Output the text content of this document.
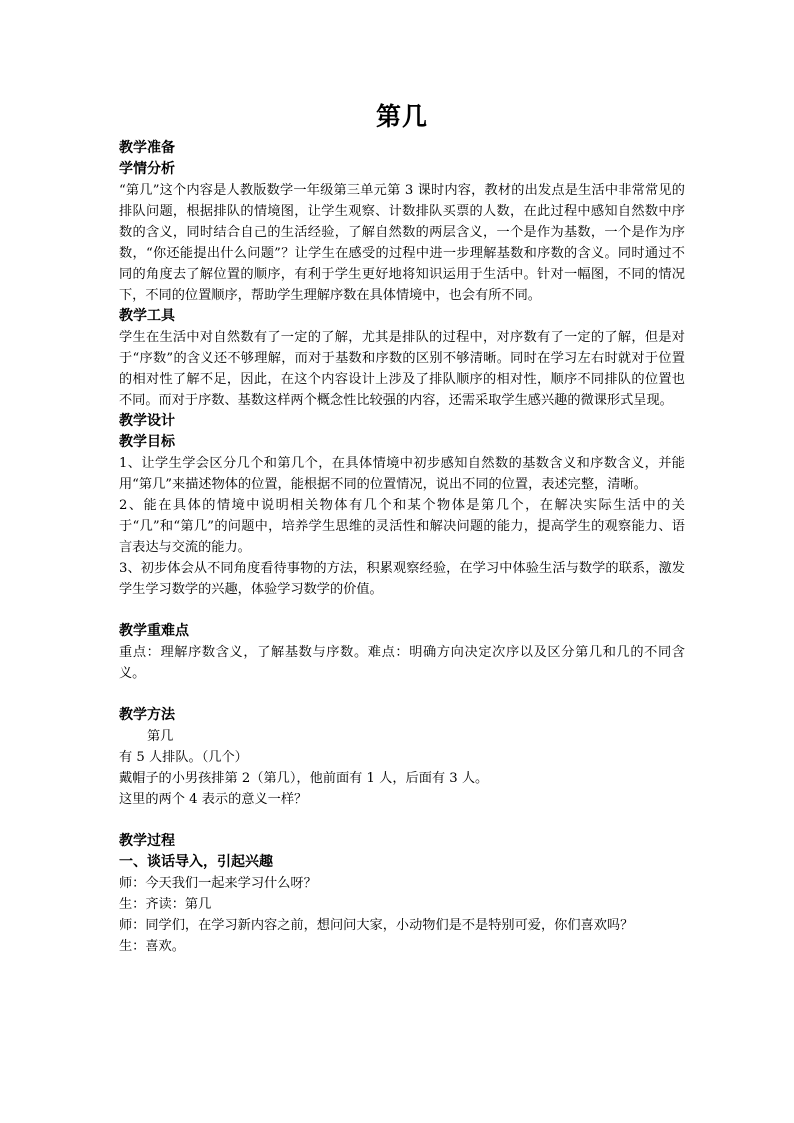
第几
教学准备
学情分析
“第几”这个内容是人教版数学一年级第三单元第 3 课时内容，教材的出发点是生活中非常常见的排队问题，根据排队的情境图，让学生观察、计数排队买票的人数，在此过程中感知自然数中序数的含义，同时结合自己的生活经验，了解自然数的两层含义，一个是作为基数，一个是作为序数，“你还能提出什么问题”？让学生在感受的过程中进一步理解基数和序数的含义。同时通过不同的角度去了解位置的顺序，有利于学生更好地将知识运用于生活中。针对一幅图，不同的情况下，不同的位置顺序，帮助学生理解序数在具体情境中，也会有所不同。
教学工具
学生在生活中对自然数有了一定的了解，尤其是排队的过程中，对序数有了一定的了解，但是对于“序数”的含义还不够理解，而对于基数和序数的区别不够清晰。同时在学习左右时就对于位置的相对性了解不足，因此，在这个内容设计上涉及了排队顺序的相对性，顺序不同排队的位置也不同。而对于序数、基数这样两个概念性比较强的内容，还需采取学生感兴趣的微课形式呈现。
教学设计
教学目标
1、让学生学会区分几个和第几个，在具体情境中初步感知自然数的基数含义和序数含义，并能用“第几”来描述物体的位置，能根据不同的位置情况，说出不同的位置，表述完整，清晰。
2、能在具体的情境中说明相关物体有几个和某个物体是第几个，在解决实际生活中的关于“几”和“第几”的问题中，培养学生思维的灵活性和解决问题的能力，提高学生的观察能力、语言表达与交流的能力。
3、初步体会从不同角度看待事物的方法，积累观察经验，在学习中体验生活与数学的联系，激发学生学习数学的兴趣，体验学习数学的价值。
教学重难点
重点：理解序数含义，了解基数与序数。难点：明确方向决定次序以及区分第几和几的不同含义。
教学方法
第几
有 5 人排队。（几个）
戴帽子的小男孩排第 2（第几），他前面有 1 人，后面有 3 人。
这里的两个 4 表示的意义一样？
教学过程
一、谈话导入，引起兴趣
师：今天我们一起来学习什么呀？
生：齐读：第几
师：同学们，在学习新内容之前，想问问大家，小动物们是不是特别可爱，你们喜欢吗？
生：喜欢。
